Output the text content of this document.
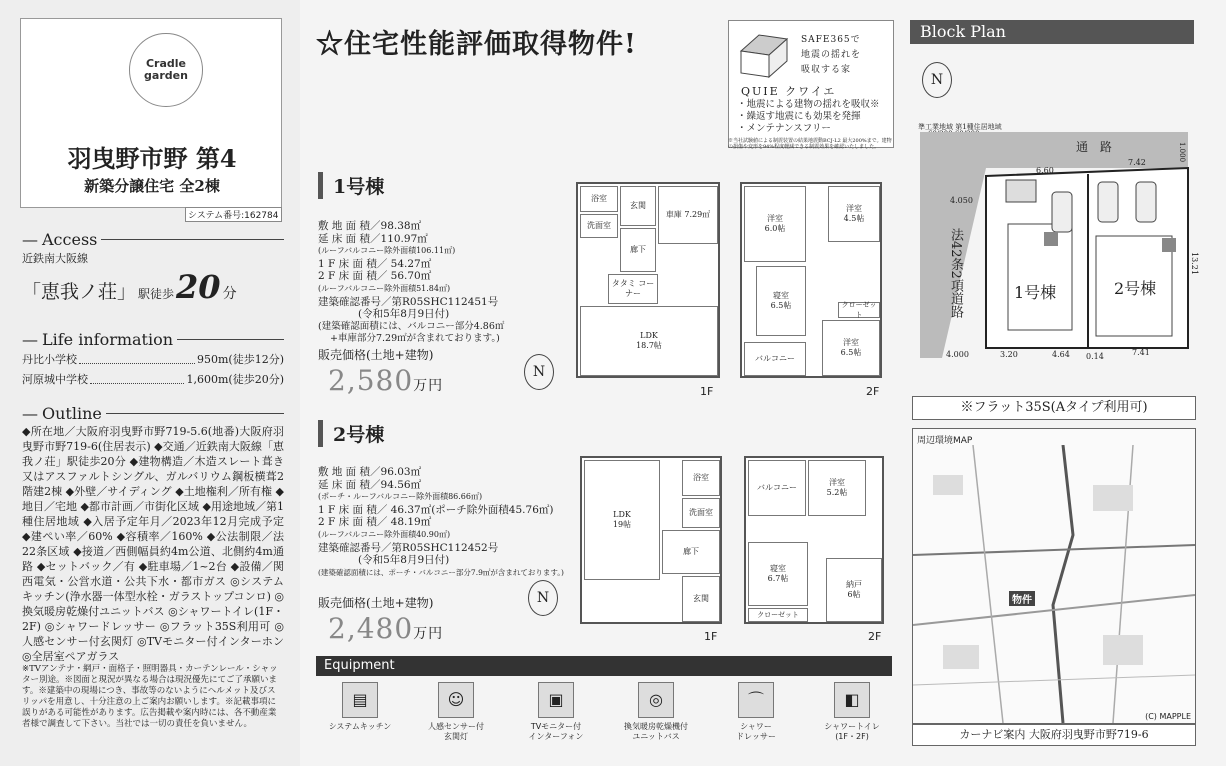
Cradle
garden
羽曳野市野 第4
新築分譲住宅 全2棟
システム番号:162784
— Access
近鉄南大阪線
「恵我ノ荘」 駅徒歩 20 分
— Life information
丹比小学校	950m(徒歩12分)
河原城中学校	1,600m(徒歩20分)
— Outline
◆所在地／大阪府羽曳野市野719-5.6(地番)大阪府羽曳野市野719-6(住居表示) ◆交通／近鉄南大阪線「恵我ノ荘」駅徒歩20分 ◆建物構造／木造スレート葺き又はアスファルトシングル、ガルバリウム鋼板横葺2階建2棟 ◆外壁／サイディング ◆土地権利／所有権 ◆地目／宅地 ◆都市計画／市街化区域 ◆用途地域／第1種住居地域 ◆入居予定年月／2023年12月完成予定 ◆建ぺい率／60% ◆容積率／160% ◆公法制限／法22条区域 ◆接道／西側幅員約4m公道、北側約4m通路 ◆セットバック／有 ◆駐車場／1~2台 ◆設備／関西電気・公営水道・公共下水・都市ガス ◎システムキッチン(浄水器一体型水栓・ガラストップコンロ) ◎換気暖房乾燥付ユニットバス ◎シャワートイレ(1F・2F) ◎シャワードレッサー ◎フラット35S利用可 ◎人感センサー付玄関灯 ◎TVモニター付インターホン ◎全居室ペアガラス
※TVアンテナ・網戸・面格子・照明器具・カーテンレール・シャッター別途。※図面と現況が異なる場合は現況優先にてご了承願います。※建築中の現場につき、事故等のないようにヘルメット及びスリッパを用意し、十分注意の上ご案内お願いします。※記載事項に誤りがある可能性があります。広告掲載や案内時には、各不動産業者様で調査して下さい。当社では一切の責任を負いません。
☆住宅性能評価取得物件!	SAFE365で
地震の揺れを
吸収する家
QUIE クワイエ
・地震による建物の揺れを吸収※
・繰返す地震にも効果を発揮
・メンテナンスフリー
※当社試験値による制震装置の結果地震動BCJ-L2 最大200%まで。建物の損傷や変形を94%程度軽減できる制震効果を確認いたしました。
1号棟
敷 地 面 積／98.38㎡
延 床 面 積／110.97㎡
(ルーフバルコニー除外面積106.11㎡)
1 F 床 面 積／ 54.27㎡
2 F 床 面 積／ 56.70㎡
(ルーフバルコニー除外面積51.84㎡)
建築確認番号／第R05SHC112451号
(令和5年8月9日付)
(建築確認面積には、バルコニー部分4.86㎡
+車庫部分7.29㎡が含まれております。)
販売価格(土地+建物)
2,580万円
N
車庫 7.29㎡
浴室
洗面室
玄関
廊下
タタミ コーナー
LDK
18.7帖
1F
洋室
6.0帖
洋室
4.5帖
寝室
6.5帖
洋室
6.5帖
バルコニー
クローゼット
2F
2号棟
敷 地 面 積／96.03㎡
延 床 面 積／94.56㎡
(ポーチ・ルーフバルコニー除外面積86.66㎡)
1 F 床 面 積／ 46.37㎡(ポーチ除外面積45.76㎡)
2 F 床 面 積／ 48.19㎡
(ルーフバルコニー除外面積40.90㎡)
建築確認番号／第R05SHC112452号
(令和5年8月9日付)
(建築確認面積には、ポーチ・バルコニー部分7.9㎡が含まれております。)
販売価格(土地+建物)
2,480万円
N
LDK
19帖
浴室
洗面室
玄関
廊下
1F
バルコニー
洋室
5.2帖
寝室
6.7帖
納戸
6帖
クローゼット
2F
Equipment
▤
システムキッチン
☺
人感センサー付
玄関灯
▣
TVモニター付
インターフォン
◎
換気暖房乾燥機付
ユニットバス
⌒
シャワー
ドレッサー
◧
シャワートイレ
(1F・2F)
Block Plan
N
準工業地域 第1種住居地域
通 路
法42条2項道路	1号棟	2号棟
6.60
7.42
4.050
4.000	3.20	4.64 0.14	7.41
13.21
1.000
※フラット35S(Aタイプ利用可)
周辺環境MAP
物件
(C) MAPPLE
カーナビ案内 大阪府羽曳野市野719-6
